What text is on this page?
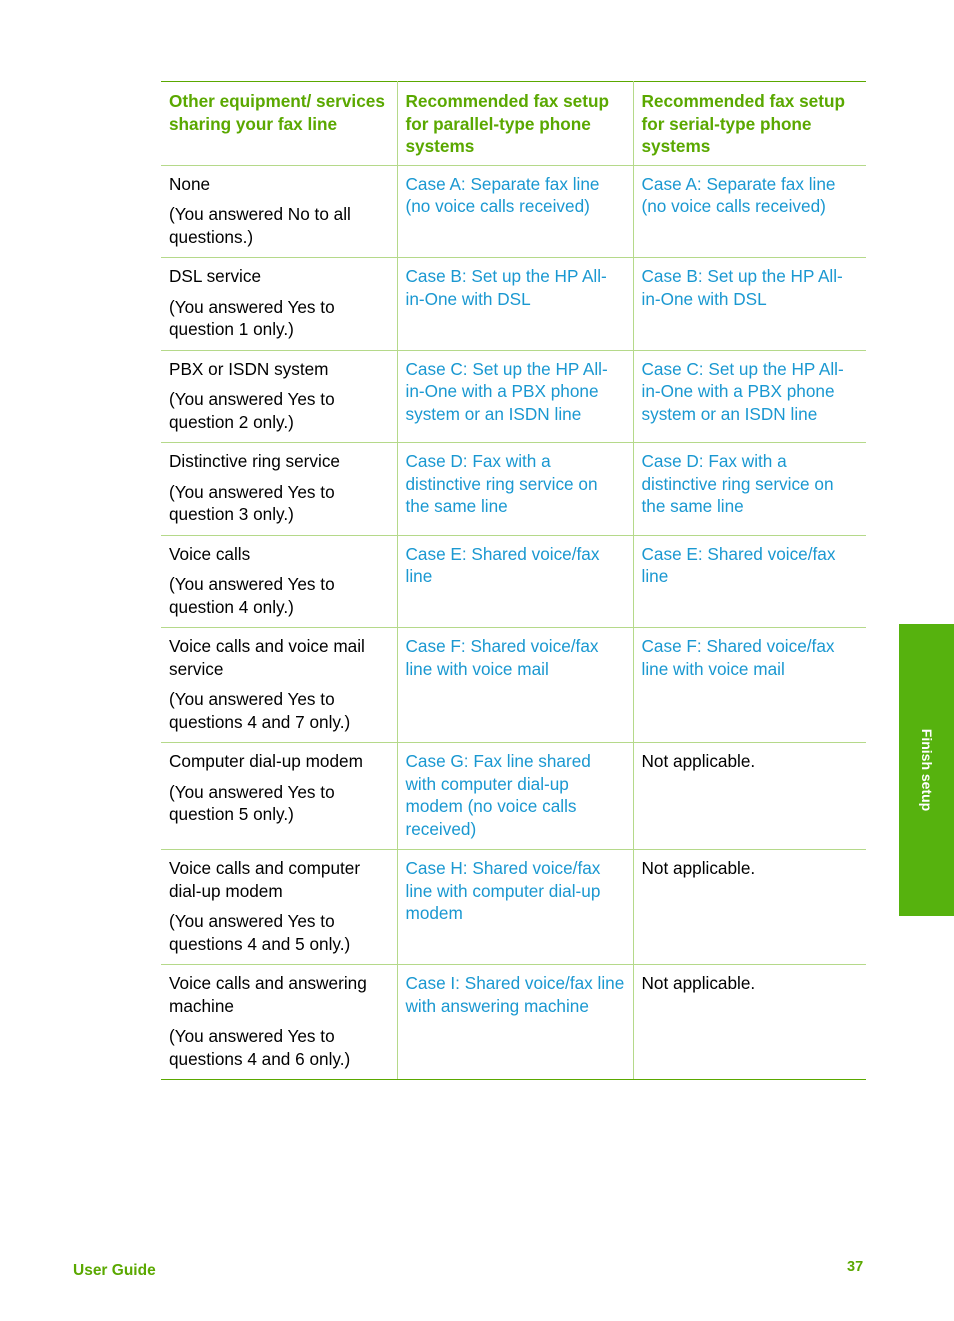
Other equipment/ services sharing your fax line	Recommended fax setup for parallel-type phone systems	Recommended fax setup for serial-type phone systems

None
(You answered No to all questions.)	Case A: Separate fax line (no voice calls received)	Case A: Separate fax line (no voice calls received)

DSL service
(You answered Yes to question 1 only.)	Case B: Set up the HP All-in-One with DSL	Case B: Set up the HP All-in-One with DSL

PBX or ISDN system
(You answered Yes to question 2 only.)	Case C: Set up the HP All-in-One with a PBX phone system or an ISDN line	Case C: Set up the HP All-in-One with a PBX phone system or an ISDN line

Distinctive ring service
(You answered Yes to question 3 only.)	Case D: Fax with a distinctive ring service on the same line	Case D: Fax with a distinctive ring service on the same line

Voice calls
(You answered Yes to question 4 only.)	Case E: Shared voice/fax line	Case E: Shared voice/fax line

Voice calls and voice mail service
(You answered Yes to questions 4 and 7 only.)	Case F: Shared voice/fax line with voice mail	Case F: Shared voice/fax line with voice mail

Computer dial-up modem
(You answered Yes to question 5 only.)	Case G: Fax line shared with computer dial-up modem (no voice calls received)	Not applicable.

Voice calls and computer dial-up modem
(You answered Yes to questions 4 and 5 only.)	Case H: Shared voice/fax line with computer dial-up modem	Not applicable.

Voice calls and answering machine
(You answered Yes to questions 4 and 6 only.)	Case I: Shared voice/fax line with answering machine	Not applicable.
Finish setup
User Guide	37
